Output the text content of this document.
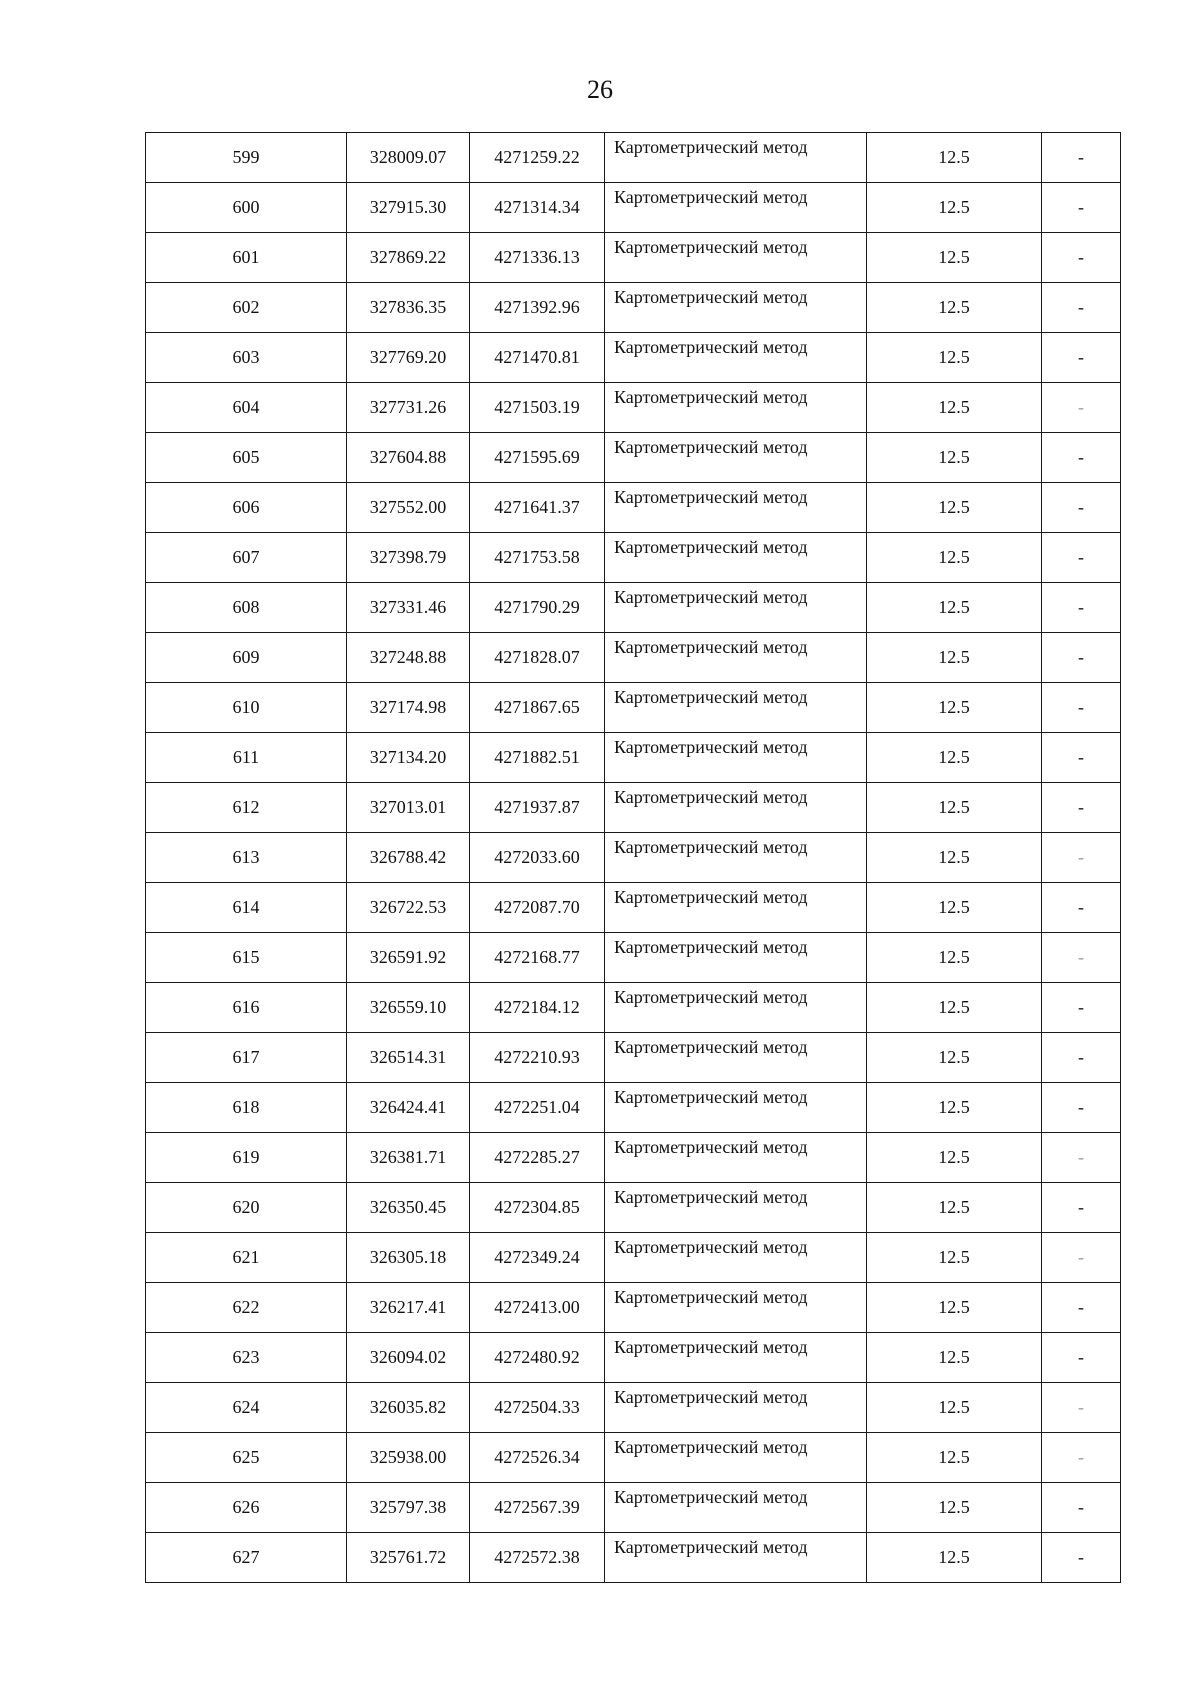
26
599	328009.07	4271259.22	Картометрический метод	12.5	-
600	327915.30	4271314.34	Картометрический метод	12.5	-
601	327869.22	4271336.13	Картометрический метод	12.5	-
602	327836.35	4271392.96	Картометрический метод	12.5	-
603	327769.20	4271470.81	Картометрический метод	12.5	-
604	327731.26	4271503.19	Картометрический метод	12.5	-
605	327604.88	4271595.69	Картометрический метод	12.5	-
606	327552.00	4271641.37	Картометрический метод	12.5	-
607	327398.79	4271753.58	Картометрический метод	12.5	-
608	327331.46	4271790.29	Картометрический метод	12.5	-
609	327248.88	4271828.07	Картометрический метод	12.5	-
610	327174.98	4271867.65	Картометрический метод	12.5	-
611	327134.20	4271882.51	Картометрический метод	12.5	-
612	327013.01	4271937.87	Картометрический метод	12.5	-
613	326788.42	4272033.60	Картометрический метод	12.5	-
614	326722.53	4272087.70	Картометрический метод	12.5	-
615	326591.92	4272168.77	Картометрический метод	12.5	-
616	326559.10	4272184.12	Картометрический метод	12.5	-
617	326514.31	4272210.93	Картометрический метод	12.5	-
618	326424.41	4272251.04	Картометрический метод	12.5	-
619	326381.71	4272285.27	Картометрический метод	12.5	-
620	326350.45	4272304.85	Картометрический метод	12.5	-
621	326305.18	4272349.24	Картометрический метод	12.5	-
622	326217.41	4272413.00	Картометрический метод	12.5	-
623	326094.02	4272480.92	Картометрический метод	12.5	-
624	326035.82	4272504.33	Картометрический метод	12.5	-
625	325938.00	4272526.34	Картометрический метод	12.5	-
626	325797.38	4272567.39	Картометрический метод	12.5	-
627	325761.72	4272572.38	Картометрический метод	12.5	-
